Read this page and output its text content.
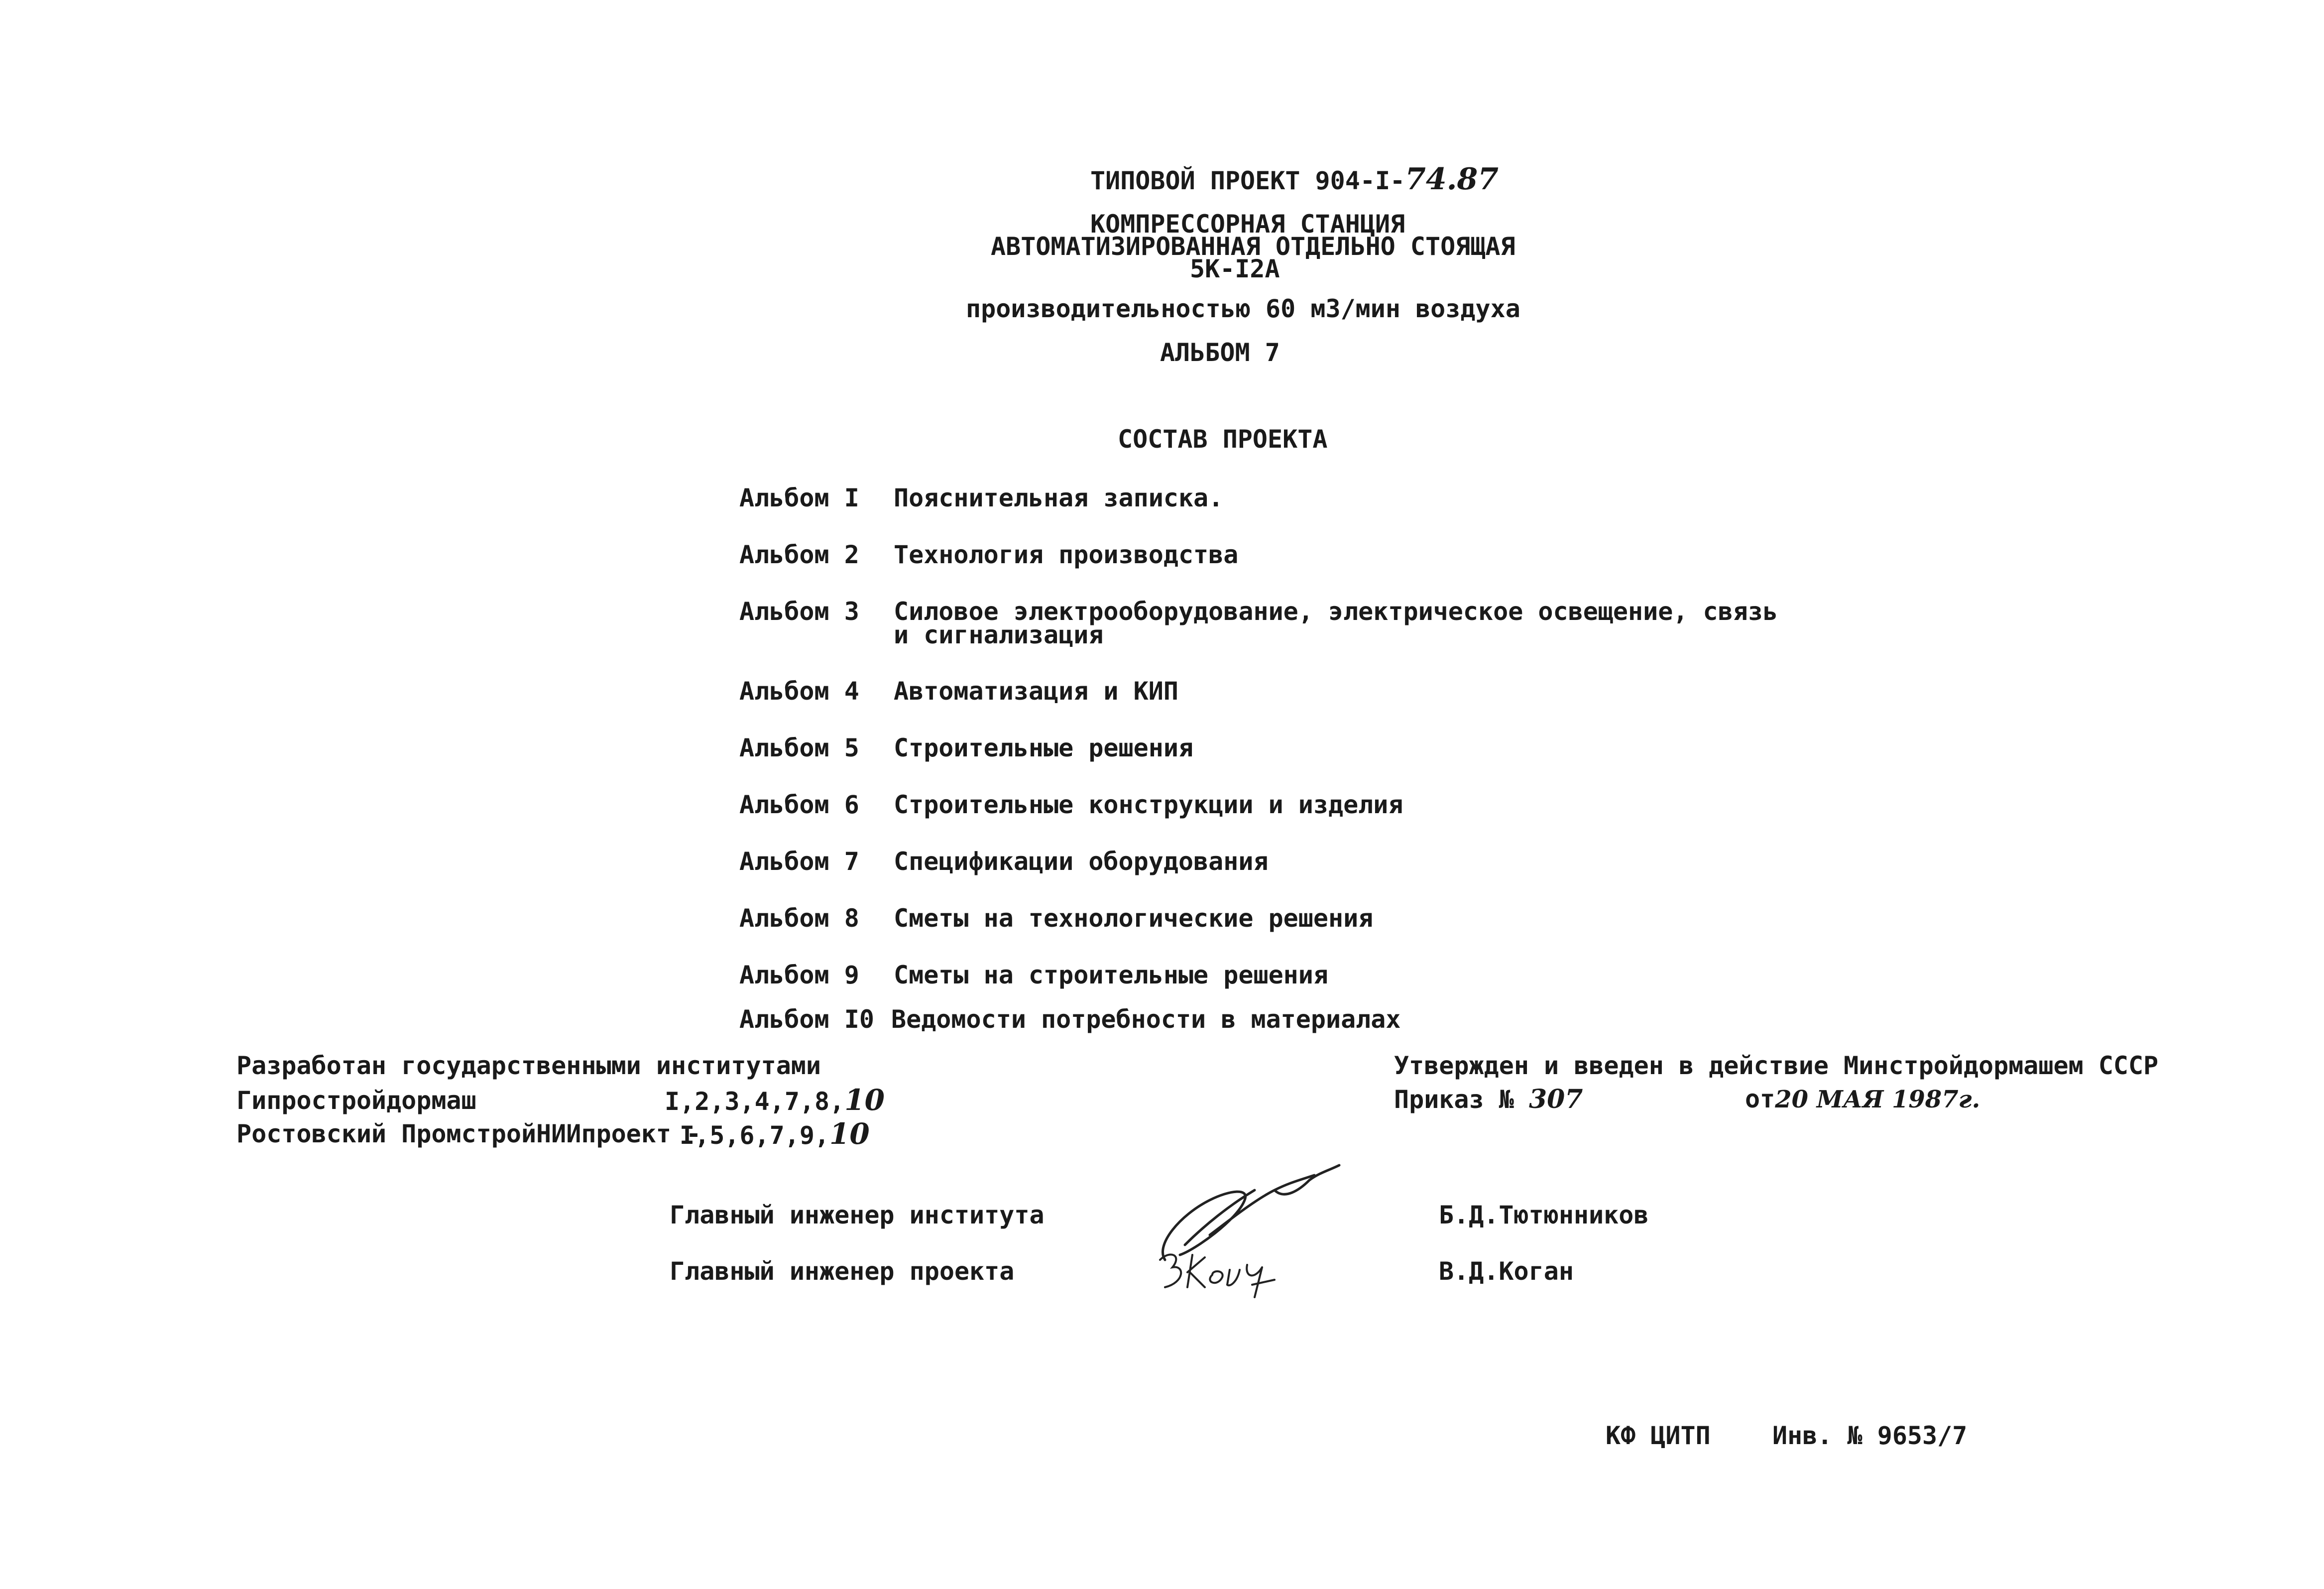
ТИПОВОЙ ПРОЕКТ 904-I-74.87
КОМПРЕССОРНАЯ СТАНЦИЯ
АВТОМАТИЗИРОВАННАЯ ОТДЕЛЬНО СТОЯЩАЯ
5К-I2А
производительностью 60 м3/мин воздуха
АЛЬБОМ 7
СОСТАВ ПРОЕКТА
Альбом I Пояснительная записка.
Альбом 2 Технология производства
Альбом 3 Силовое электрооборудование, электрическое освещение, связь
и сигнализация
Альбом 4 Автоматизация и КИП
Альбом 5 Строительные решения
Альбом 6 Строительные конструкции и изделия
Альбом 7 Спецификации оборудования
Альбом 8 Сметы на технологические решения
Альбом 9 Сметы на строительные решения
Альбом I0 Ведомости потребности в материалах
Разработан государственными институтами
Гипростройдормаш	I,2,3,4,7,8,10
Ростовский ПромстройНИИпроект -
I,5,6,7,9,10
Утвержден и введен в действие Минстройдормашем СССР
Приказ № 307	от20 МАЯ 1987г.
Главный инженер института
Главный инженер проекта
Б.Д.Тютюнников
В.Д.Коган
КФ ЦИТП Инв. № 9653/7
